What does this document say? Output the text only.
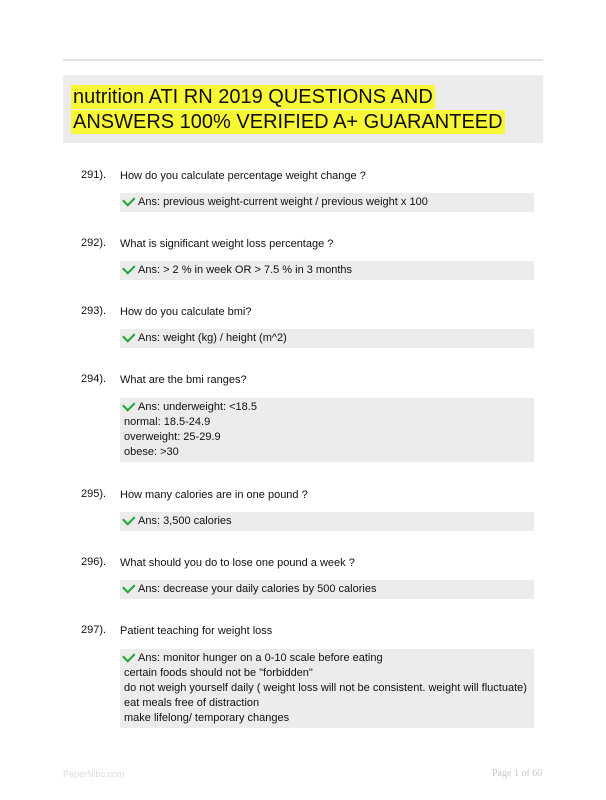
nutrition ATI RN 2019 QUESTIONS AND ANSWERS 100% VERIFIED A+ GUARANTEED
291). How do you calculate percentage weight change ?
Ans: previous weight-current weight / previous weight x 100
292). What is significant weight loss percentage ?
Ans: > 2 % in week OR > 7.5 % in 3 months
293). How do you calculate bmi?
Ans: weight (kg) / height (m^2)
294). What are the bmi ranges?
Ans: underweight: <18.5
normal: 18.5-24.9
overweight: 25-29.9
obese: >30
295). How many calories are in one pound ?
Ans: 3,500 calories
296). What should you do to lose one pound a week ?
Ans: decrease your daily calories by 500 calories
297). Patient teaching for weight loss
Ans: monitor hunger on a 0-10 scale before eating
certain foods should not be "forbidden"
do not weigh yourself daily ( weight loss will not be consistent. weight will fluctuate)
eat meals free of distraction
make lifelong/ temporary changes
PaperNibc.com	Page 1 of 60
